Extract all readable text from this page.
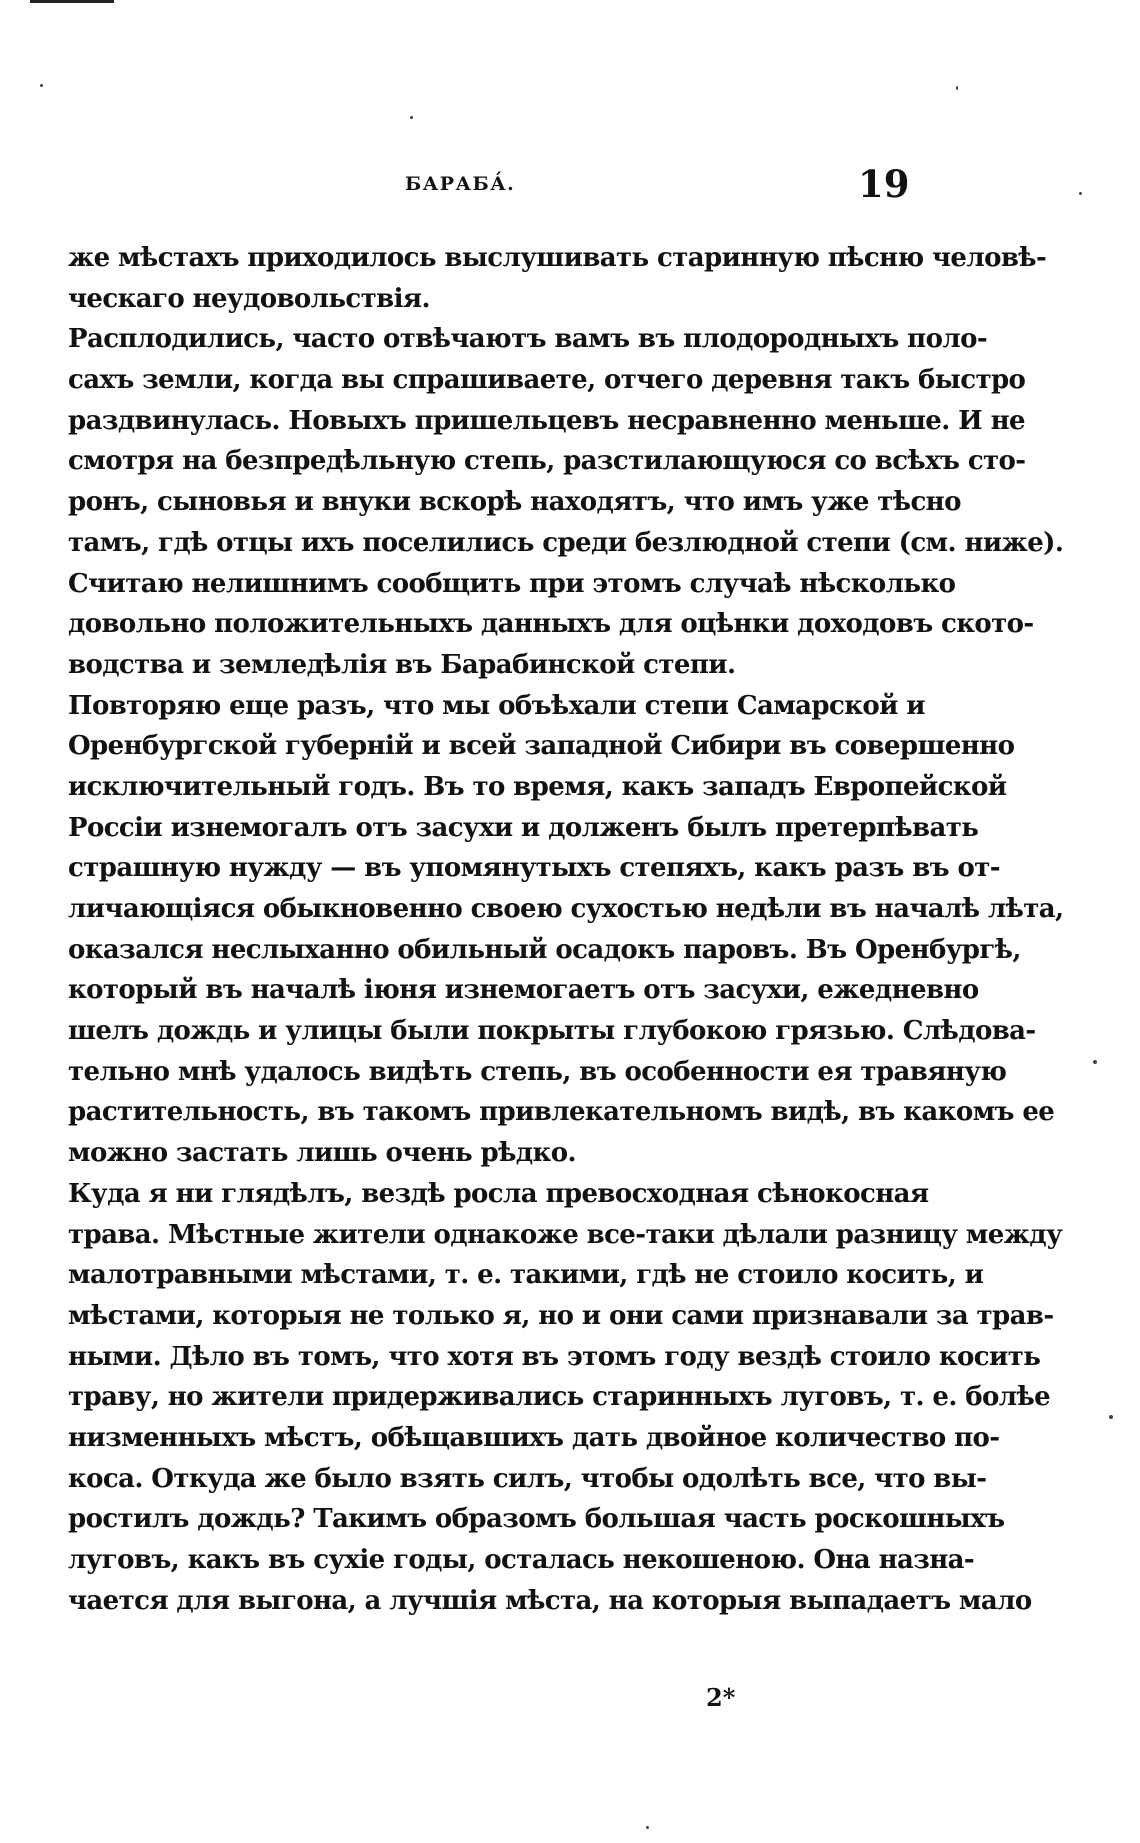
БАРАБА́.	19
же мѣстахъ приходилось выслушивать старинную пѣсню человѣ-
ческаго неудовольствія.
Расплодились, часто отвѣчаютъ вамъ въ плодородныхъ поло-
сахъ земли, когда вы спрашиваете, отчего деревня такъ быстро
раздвинулась. Новыхъ пришельцевъ несравненно меньше. И не
смотря на безпредѣльную степь, разстилающуюся со всѣхъ сто-
ронъ, сыновья и внуки вскорѣ находятъ, что имъ уже тѣсно
тамъ, гдѣ отцы ихъ поселились среди безлюдной степи (см. ниже).
Считаю нелишнимъ сообщить при этомъ случаѣ нѣсколько
довольно положительныхъ данныхъ для оцѣнки доходовъ ското-
водства и земледѣлія въ Барабинской степи.
Повторяю еще разъ, что мы объѣхали степи Самарской и
Оренбургской губерній и всей западной Сибири въ совершенно
исключительный годъ. Въ то время, какъ западъ Европейской
Россіи изнемогалъ отъ засухи и долженъ былъ претерпѣвать
страшную нужду — въ упомянутыхъ степяхъ, какъ разъ въ от-
личающіяся обыкновенно своею сухостью недѣли въ началѣ лѣта,
оказался неслыханно обильный осадокъ паровъ. Въ Оренбургѣ,
который въ началѣ іюня изнемогаетъ отъ засухи, ежедневно
шелъ дождь и улицы были покрыты глубокою грязью. Слѣдова-
тельно мнѣ удалось видѣть степь, въ особенности ея травяную
растительность, въ такомъ привлекательномъ видѣ, въ какомъ ее
можно застать лишь очень рѣдко.
Куда я ни глядѣлъ, вездѣ росла превосходная сѣнокосная
трава. Мѣстные жители однакоже все-таки дѣлали разницу между
малотравными мѣстами, т. е. такими, гдѣ не стоило косить, и
мѣстами, которыя не только я, но и они сами признавали за трав-
ными. Дѣло въ томъ, что хотя въ этомъ году вездѣ стоило косить
траву, но жители придерживались старинныхъ луговъ, т. е. болѣе
низменныхъ мѣстъ, обѣщавшихъ дать двойное количество по-
коса. Откуда же было взять силъ, чтобы одолѣть все, что вы-
ростилъ дождь? Такимъ образомъ большая часть роскошныхъ
луговъ, какъ въ сухіе годы, осталась некошеною. Она назна-
чается для выгона, а лучшія мѣста, на которыя выпадаетъ мало
2*
